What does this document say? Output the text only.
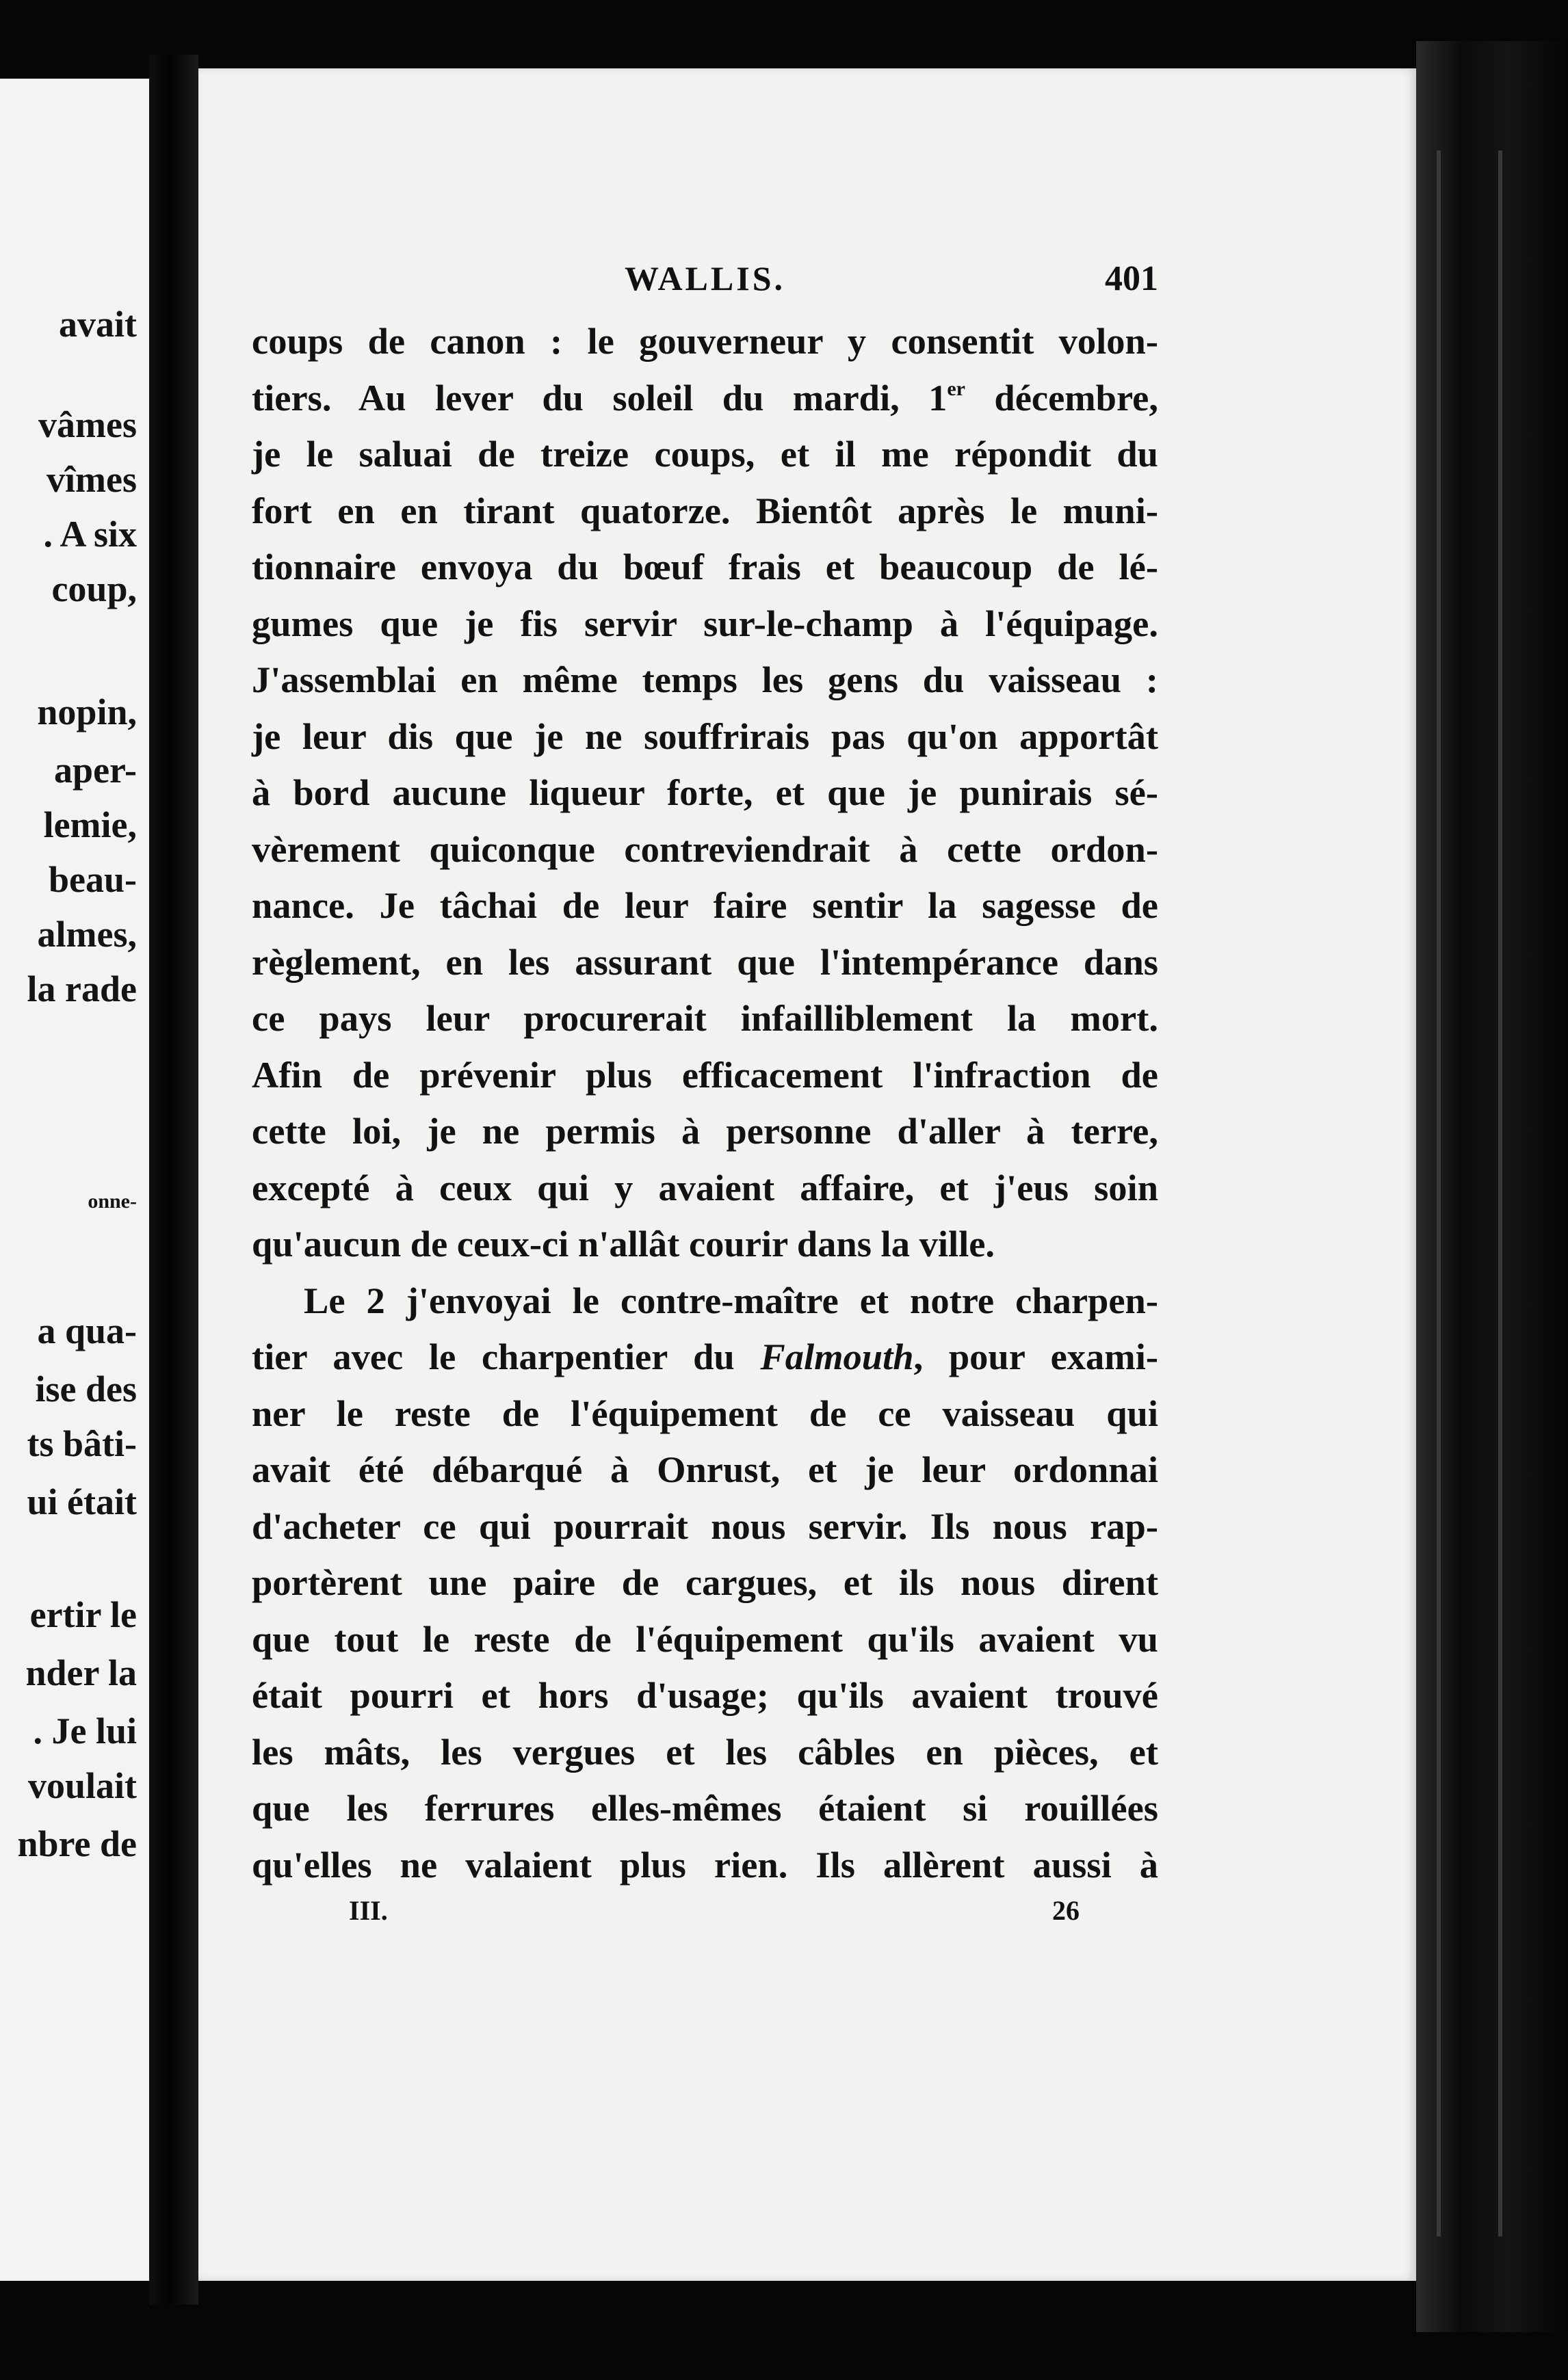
avait
vâmes
vîmes
. A six
coup,
nopin,
aper-
lemie,
beau-
almes,
la rade
onne-
a qua-
ise des
ts bâti-
ui était
ertir le
nder la
. Je lui
voulait
nbre de
WALLIS.	401
coups de canon : le gouverneur y consentit volon-
tiers. Au lever du soleil du mardi, 1er décembre,
je le saluai de treize coups, et il me répondit du
fort en en tirant quatorze. Bientôt après le muni-
tionnaire envoya du bœuf frais et beaucoup de lé-
gumes que je fis servir sur-le-champ à l'équipage.
J'assemblai en même temps les gens du vaisseau :
je leur dis que je ne souffrirais pas qu'on apportât
à bord aucune liqueur forte, et que je punirais sé-
vèrement quiconque contreviendrait à cette ordon-
nance. Je tâchai de leur faire sentir la sagesse de
règlement, en les assurant que l'intempérance dans
ce pays leur procurerait infailliblement la mort.
Afin de prévenir plus efficacement l'infraction de
cette loi, je ne permis à personne d'aller à terre,
excepté à ceux qui y avaient affaire, et j'eus soin
qu'aucun de ceux-ci n'allât courir dans la ville.
Le 2 j'envoyai le contre-maître et notre charpen-
tier avec le charpentier du Falmouth, pour exami-
ner le reste de l'équipement de ce vaisseau qui
avait été débarqué à Onrust, et je leur ordonnai
d'acheter ce qui pourrait nous servir. Ils nous rap-
portèrent une paire de cargues, et ils nous dirent
que tout le reste de l'équipement qu'ils avaient vu
était pourri et hors d'usage; qu'ils avaient trouvé
les mâts, les vergues et les câbles en pièces, et
que les ferrures elles-mêmes étaient si rouillées
qu'elles ne valaient plus rien. Ils allèrent aussi à
III.	26
